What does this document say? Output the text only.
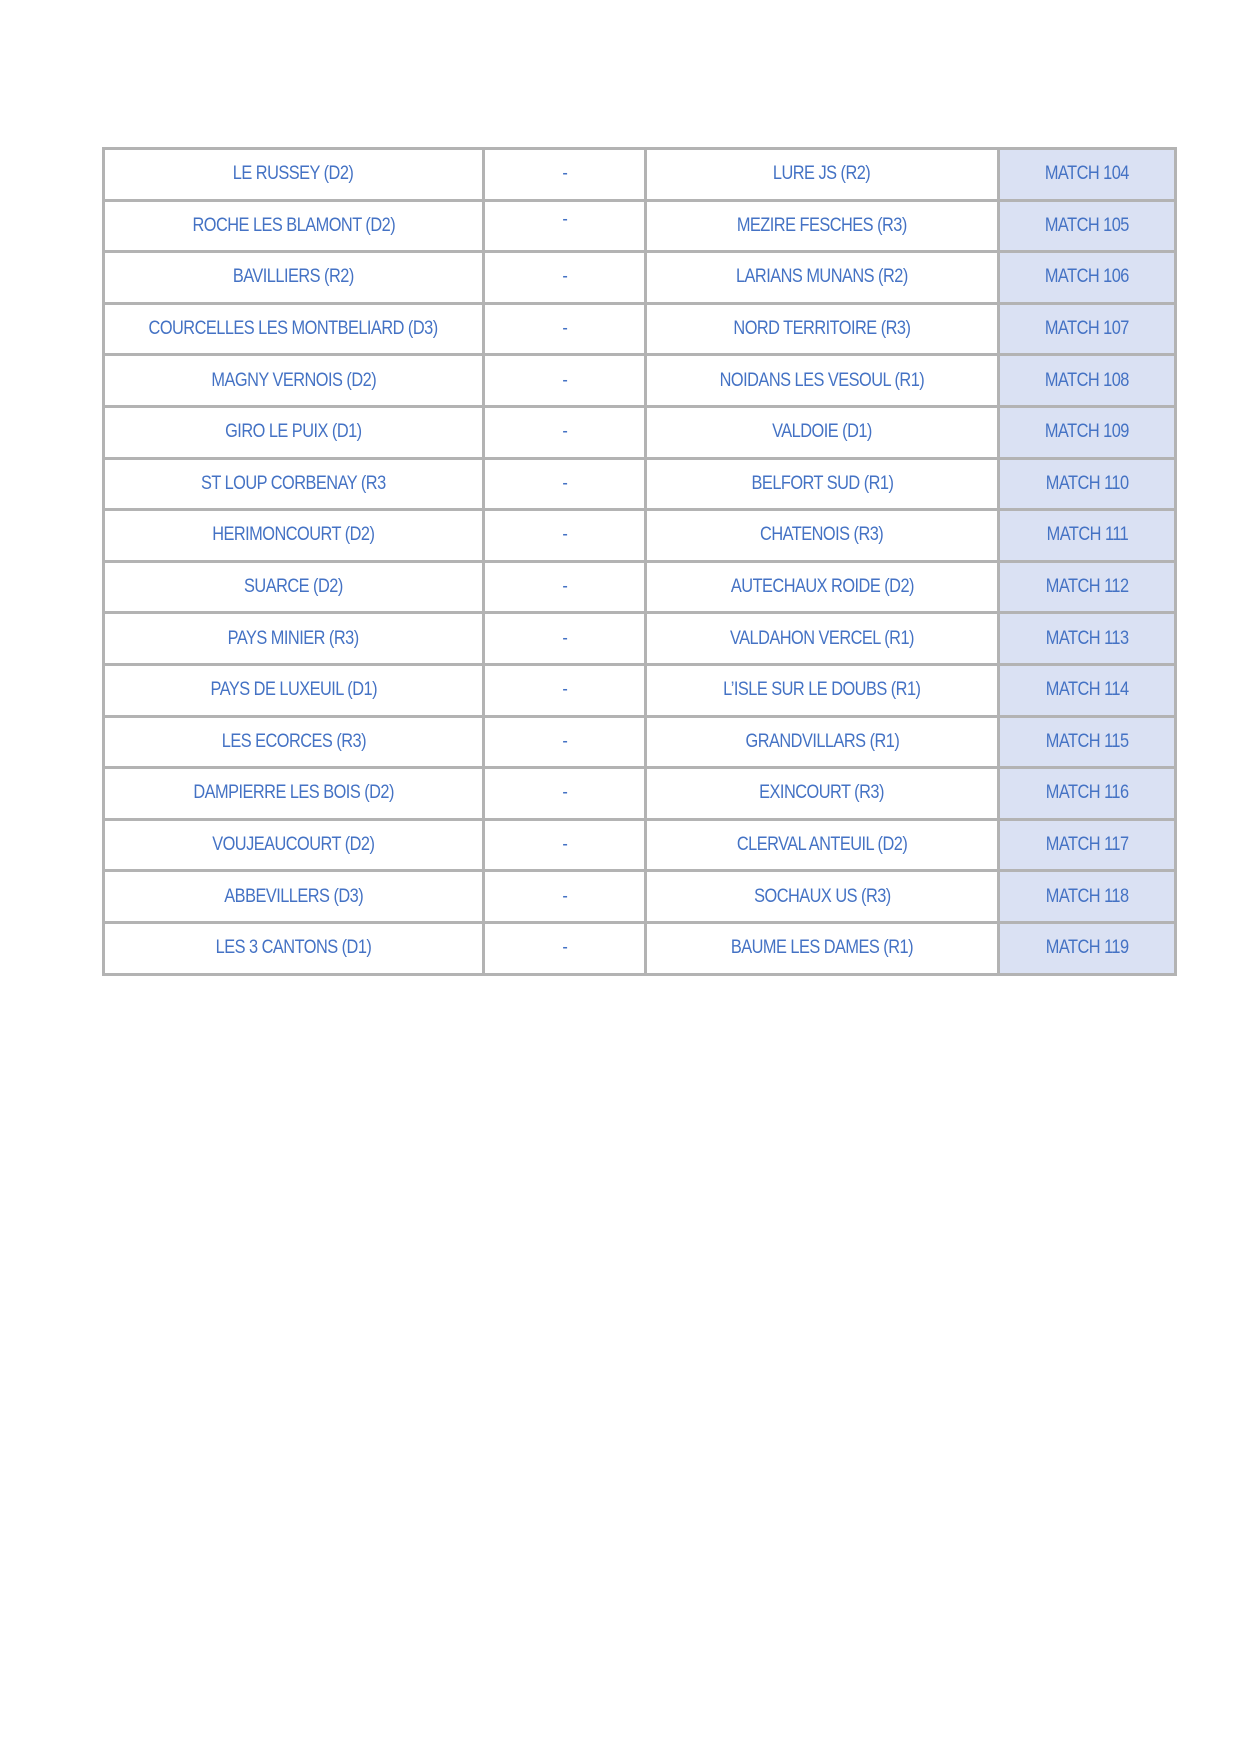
LE RUSSEY (D2)	-	LURE JS (R2)	MATCH 104
ROCHE LES BLAMONT (D2)	-	MEZIRE FESCHES (R3)	MATCH 105
BAVILLIERS (R2)	-	LARIANS MUNANS (R2)	MATCH 106
COURCELLES LES MONTBELIARD (D3)	-	NORD TERRITOIRE (R3)	MATCH 107
MAGNY VERNOIS (D2)	-	NOIDANS LES VESOUL (R1)	MATCH 108
GIRO LE PUIX (D1)	-	VALDOIE (D1)	MATCH 109
ST LOUP CORBENAY (R3	-	BELFORT SUD (R1)	MATCH 110
HERIMONCOURT (D2)	-	CHATENOIS (R3)	MATCH 111
SUARCE (D2)	-	AUTECHAUX ROIDE (D2)	MATCH 112
PAYS MINIER (R3)	-	VALDAHON VERCEL (R1)	MATCH 113
PAYS DE LUXEUIL (D1)	-	L’ISLE SUR LE DOUBS (R1)	MATCH 114
LES ECORCES (R3)	-	GRANDVILLARS (R1)	MATCH 115
DAMPIERRE LES BOIS (D2)	-	EXINCOURT (R3)	MATCH 116
VOUJEAUCOURT (D2)	-	CLERVAL ANTEUIL (D2)	MATCH 117
ABBEVILLERS (D3)	-	SOCHAUX US (R3)	MATCH 118
LES 3 CANTONS (D1)	-	BAUME LES DAMES (R1)	MATCH 119
